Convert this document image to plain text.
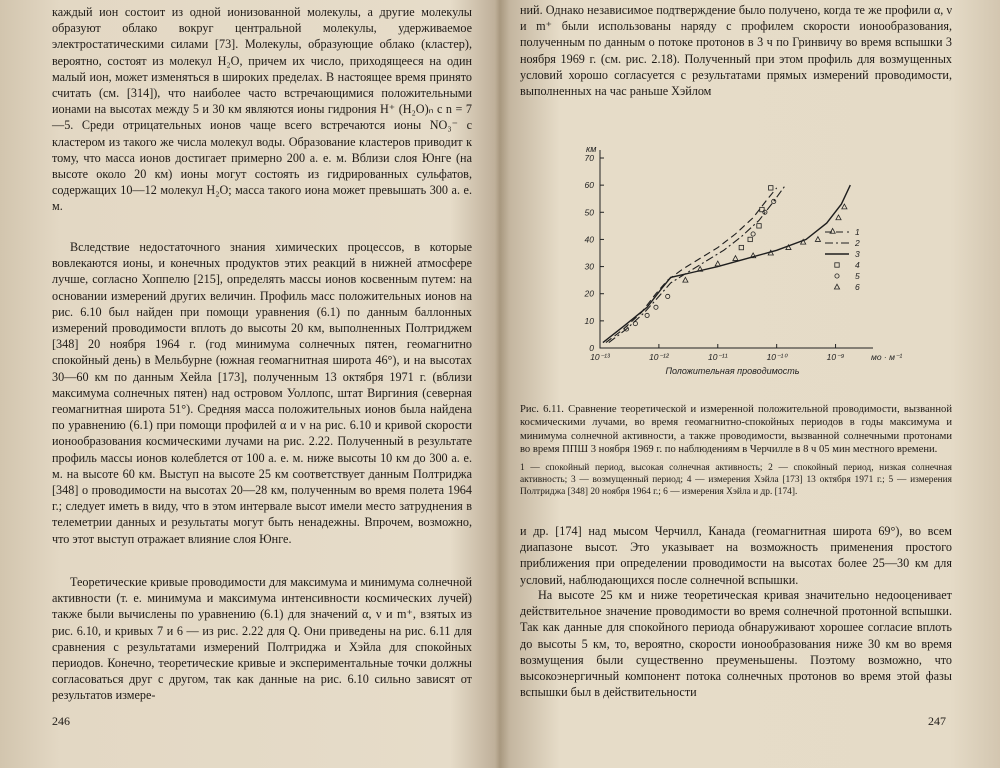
каждый ион состоит из одной ионизованной молекулы, а другие молекулы образуют облако вокруг центральной молекулы, удерживаемое электростатическими силами [73]. Молекулы, образующие облако (кластер), вероятно, состоят из молекул H₂O, причем их число, приходящееся на один малый ион, может изменяться в широких пределах. В настоящее время принято считать (см. [314]), что наиболее часто встречающимися положительными ионами на высотах между 5 и 30 км являются ионы гидрония H⁺ (H₂O)ₙ с n = 7—5. Среди отрицательных ионов чаще всего встречаются ионы NO₃⁻ с кластером из такого же числа молекул воды. Образование кластеров приводит к тому, что масса ионов достигает примерно 200 а. е. м. Вблизи слоя Юнге (на высоте около 20 км) ионы могут состоять из гидрированных сульфатов, содержащих 10—12 молекул H₂O; масса такого иона может превышать 300 а. е. м.

Вследствие недостаточного знания химических процессов, в которые вовлекаются ионы, и конечных продуктов этих реакций в нижней атмосфере лучше, согласно Хоппелю [215], определять массы ионов косвенным путем: на основании измерений других величин. Профиль масс положительных ионов на рис. 6.10 был найден при помощи уравнения (6.1) по данным баллонных измерений проводимости вплоть до высоты 20 км, выполненных Полтриджем [348] 20 ноября 1964 г. (год минимума солнечных пятен, геомагнитно спокойный день) в Мельбурне (южная геомагнитная широта 46°), и на высотах 30—60 км по данным Хейла [173], полученным 13 октября 1971 г. (вблизи максимума солнечных пятен) над островом Уоллопс, штат Виргиния (северная геомагнитная широта 51°). Средняя масса положительных ионов была найдена по уравнению (6.1) при помощи профилей α и ν на рис. 6.10 и кривой скорости ионообразования космическими лучами на рис. 2.22. Полученный в результате профиль массы ионов колеблется от 100 а. е. м. ниже высоты 10 км до 300 а. е. м. на высоте 60 км. Выступ на высоте 25 км соответствует данным Полтриджа [348] о проводимости на высотах 20—28 км, полученным во время полета 1964 г.; следует иметь в виду, что в этом интервале высот имели место затруднения в телеметрии данных и результаты могут быть ненадежны. Впрочем, возможно, что этот выступ отражает влияние слоя Юнге.

Теоретические кривые проводимости для максимума и минимума солнечной активности (т. е. минимума и максимума интенсивности космических лучей) также были вычислены по уравнению (6.1) для значений α, ν и m⁺, взятых из рис. 6.10, и кривых 7 и 6 — из рис. 2.22 для Q. Они приведены на рис. 6.11 для сравнения с результатами измерений Полтриджа и Хэйла для спокойных периодов. Конечно, теоретические кривые и экспериментальные точки должны согласоваться друг с другом, так как данные на рис. 6.10 сильно зависят от результатов измере-

246

ний. Однако независимое подтверждение было получено, когда те же профили α, ν и m⁺ были использованы наряду с профилем скорости ионообразования, полученным по данным о потоке протонов в 3 ч по Гринвичу во время вспышки 3 ноября 1969 г. (см. рис. 2.18). Полученный при этом профиль для возмущенных условий хорошо согласуется с результатами прямых измерений проводимости, выполненных на час раньше Хэйлом

0
10
20
30
40
50
60
70
км
10⁻¹³	10⁻¹²	10⁻¹¹	10⁻¹⁰	10⁻⁹	мо · м⁻¹
Положительная проводимость
1
2
3
4
5
6

Рис. 6.11. Сравнение теоретической и измеренной положительной проводимости, вызванной космическими лучами, во время геомагнитно-спокойных периодов в годы максимума и минимума солнечной активности, а также проводимости, вызванной солнечными протонами во время ППШ 3 ноября 1969 г. по наблюдениям в Черчилле в 8 ч 05 мин местного времени.

1 — спокойный период, высокая солнечная активность; 2 — спокойный период, низкая солнечная активность; 3 — возмущенный период; 4 — измерения Хэйла [173] 13 октября 1971 г.; 5 — измерения Полтриджа [348] 20 ноября 1964 г.; 6 — измерения Хэйла и др. [174].

и др. [174] над мысом Черчилл, Канада (геомагнитная широта 69°), во всем диапазоне высот. Это указывает на возможность применения простого приближения при определении проводимости на высотах более 25—30 км для условий, наблюдающихся после солнечной вспышки.

На высоте 25 км и ниже теоретическая кривая значительно недооценивает действительное значение проводимости во время солнечной протонной вспышки. Так как данные для спокойного периода обнаруживают хорошее согласие вплоть до высоты 5 км, то, вероятно, скорости ионообразования ниже 30 км во время возмущения были существенно преуменьшены. Поэтому возможно, что высокоэнергичный компонент потока солнечных протонов во время этой фазы вспышки был в действительности

247
